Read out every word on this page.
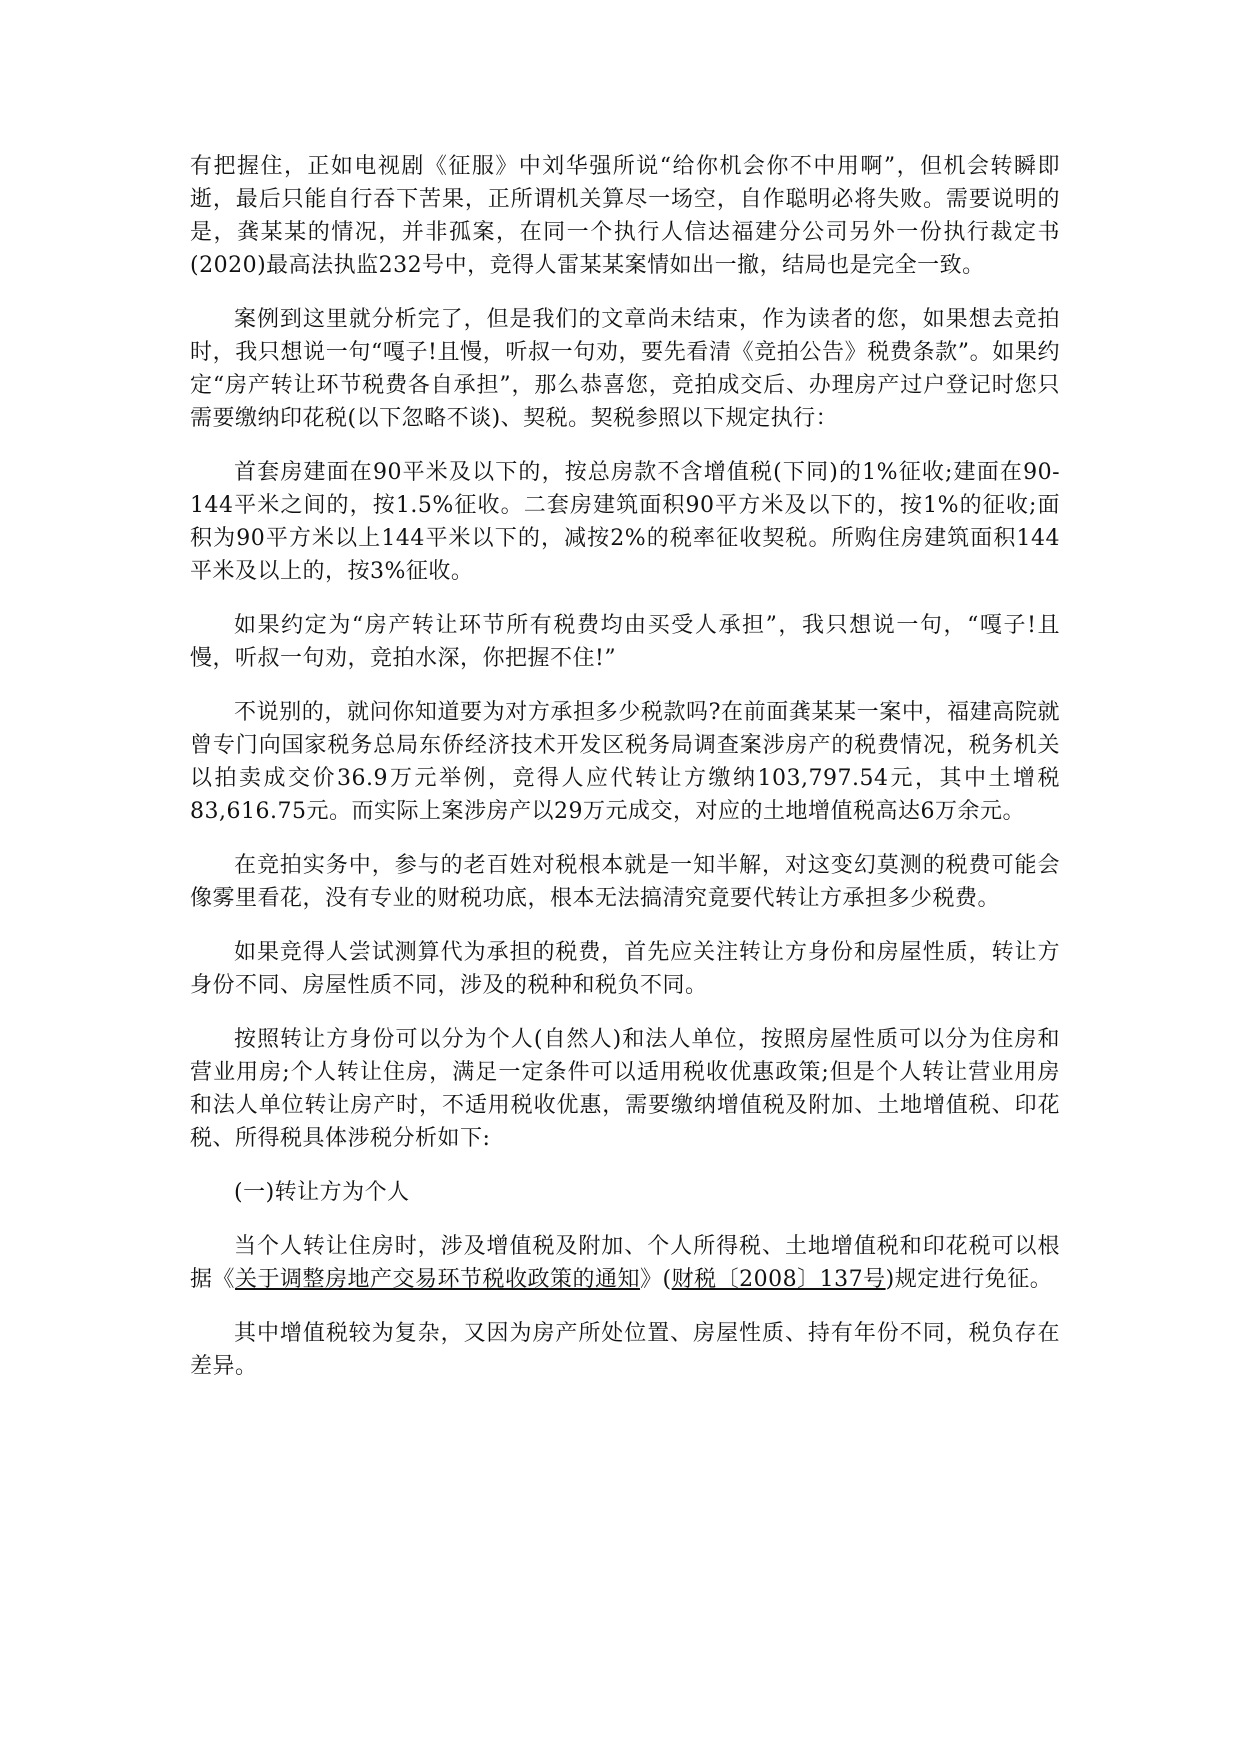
有把握住，正如电视剧《征服》中刘华强所说“给你机会你不中用啊”，但机会转瞬即逝，最后只能自行吞下苦果，正所谓机关算尽一场空，自作聪明必将失败。需要说明的是，龚某某的情况，并非孤案，在同一个执行人信达福建分公司另外一份执行裁定书(2020)最高法执监232号中，竞得人雷某某案情如出一撤，结局也是完全一致。

案例到这里就分析完了，但是我们的文章尚未结束，作为读者的您，如果想去竞拍时，我只想说一句“嘎子!且慢，听叔一句劝，要先看清《竞拍公告》税费条款”。如果约定“房产转让环节税费各自承担”，那么恭喜您，竞拍成交后、办理房产过户登记时您只需要缴纳印花税(以下忽略不谈)、契税。契税参照以下规定执行：

首套房建面在90平米及以下的，按总房款不含增值税(下同)的1%征收;建面在90-144平米之间的，按1.5%征收。二套房建筑面积90平方米及以下的，按1%的征收;面积为90平方米以上144平米以下的，减按2%的税率征收契税。所购住房建筑面积144平米及以上的，按3%征收。

如果约定为“房产转让环节所有税费均由买受人承担”，我只想说一句，“嘎子!且慢，听叔一句劝，竞拍水深，你把握不住!”

不说别的，就问你知道要为对方承担多少税款吗?在前面龚某某一案中，福建高院就曾专门向国家税务总局东侨经济技术开发区税务局调查案涉房产的税费情况，税务机关以拍卖成交价36.9万元举例，竞得人应代转让方缴纳103,797.54元，其中土增税83,616.75元。而实际上案涉房产以29万元成交，对应的土地增值税高达6万余元。

在竞拍实务中，参与的老百姓对税根本就是一知半解，对这变幻莫测的税费可能会像雾里看花，没有专业的财税功底，根本无法搞清究竟要代转让方承担多少税费。

如果竞得人尝试测算代为承担的税费，首先应关注转让方身份和房屋性质，转让方身份不同、房屋性质不同，涉及的税种和税负不同。

按照转让方身份可以分为个人(自然人)和法人单位，按照房屋性质可以分为住房和营业用房;个人转让住房，满足一定条件可以适用税收优惠政策;但是个人转让营业用房和法人单位转让房产时，不适用税收优惠，需要缴纳增值税及附加、土地增值税、印花税、所得税具体涉税分析如下:

(一)转让方为个人

当个人转让住房时，涉及增值税及附加、个人所得税、土地增值税和印花税可以根据《关于调整房地产交易环节税收政策的通知》(财税〔2008〕137号)规定进行免征。

其中增值税较为复杂，又因为房产所处位置、房屋性质、持有年份不同，税负存在差异。
